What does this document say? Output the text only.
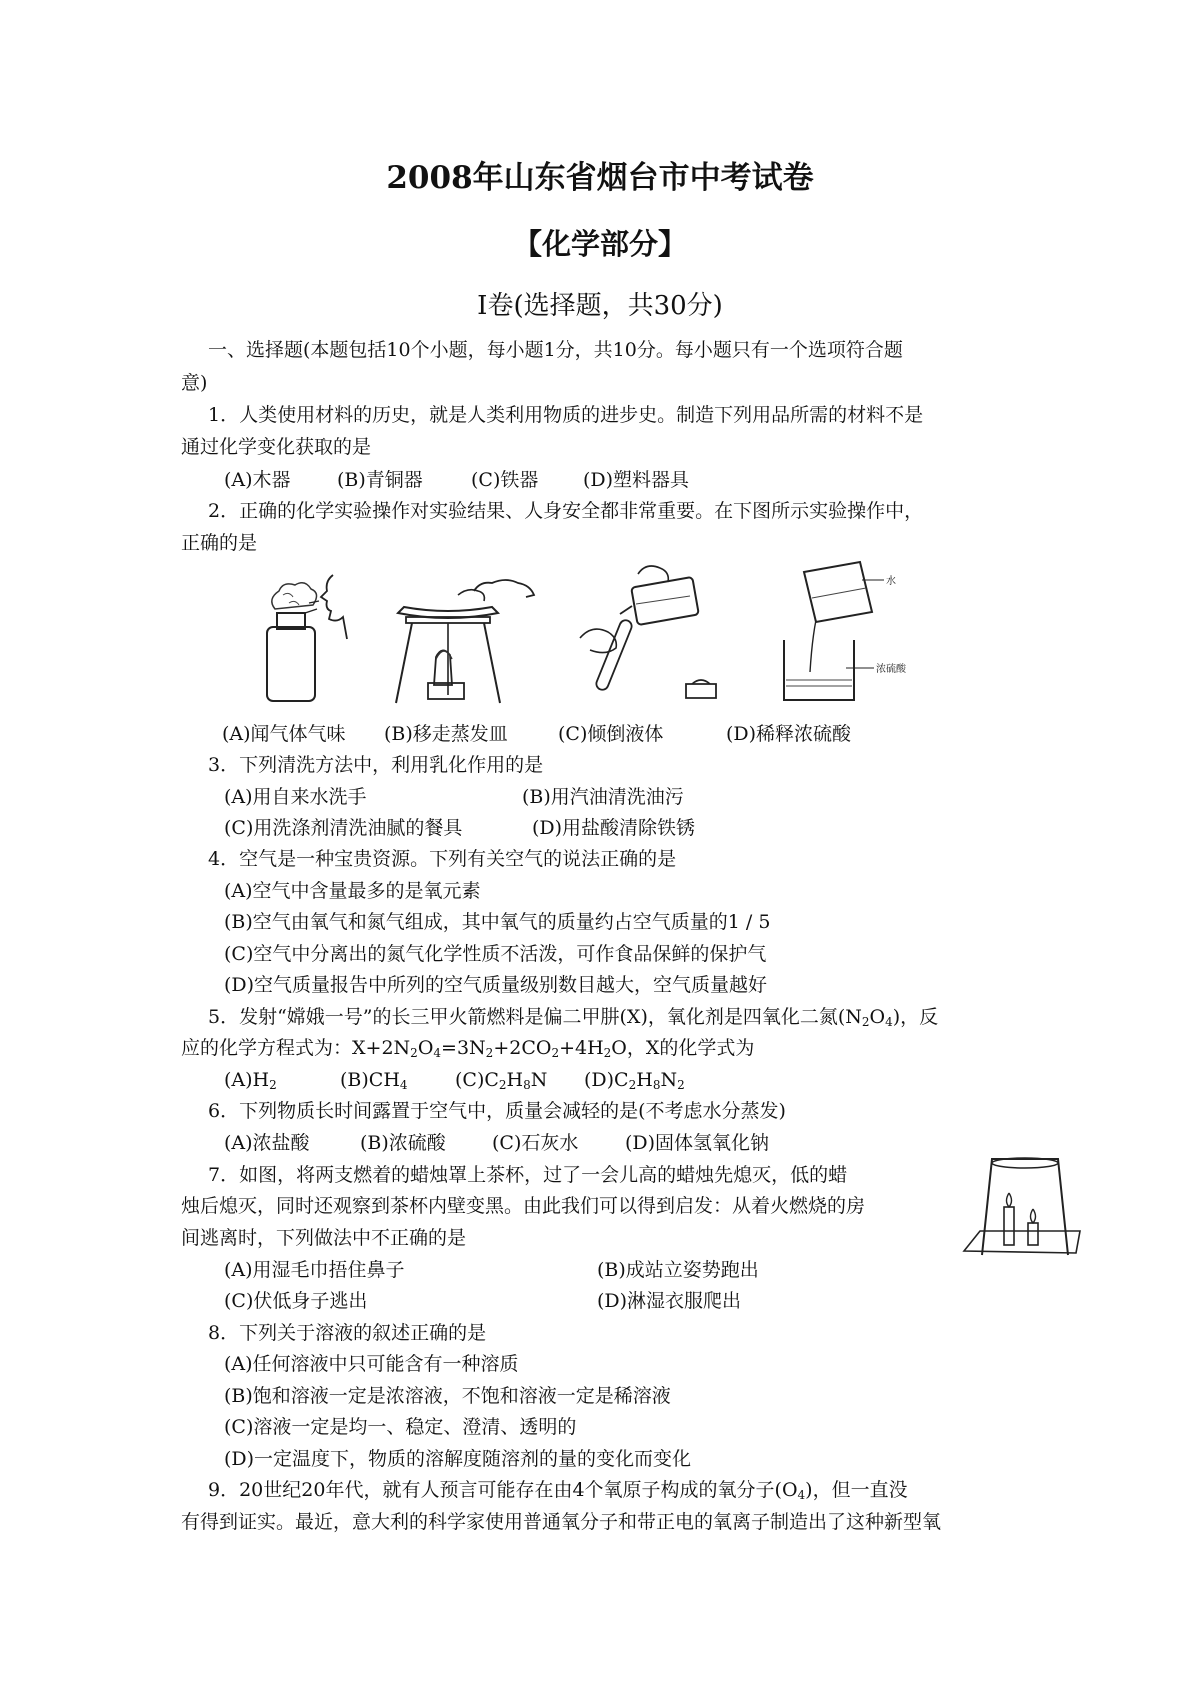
2008年山东省烟台市中考试卷
【化学部分】
Ⅰ卷(选择题，共30分)
一、选择题(本题包括10个小题，每小题1分，共10分。每小题只有一个选项符合题
意)
1．人类使用材料的历史，就是人类利用物质的进步史。制造下列用品所需的材料不是
通过化学变化获取的是
(A)木器 (B)青铜器	(C)铁器 (D)塑料器具
2．正确的化学实验操作对实验结果、人身安全都非常重要。在下图所示实验操作中，
正确的是
水
浓硫酸
(A)闻气体气味 (B)移走蒸发皿	(C)倾倒液体	(D)稀释浓硫酸
3．下列清洗方法中，利用乳化作用的是
(A)用自来水洗手	(B)用汽油清洗油污
(C)用洗涤剂清洗油腻的餐具	(D)用盐酸清除铁锈
4．空气是一种宝贵资源。下列有关空气的说法正确的是
(A)空气中含量最多的是氧元素
(B)空气由氧气和氮气组成，其中氧气的质量约占空气质量的1 / 5
(C)空气中分离出的氮气化学性质不活泼，可作食品保鲜的保护气
(D)空气质量报告中所列的空气质量级别数目越大，空气质量越好
5．发射“嫦娥一号”的长三甲火箭燃料是偏二甲肼(X)，氧化剂是四氧化二氮$(N_2O_4)$，反
应的化学方程式为：$X+2N_2O_4=3N_2+2CO_2+4H_2O$，X的化学式为
$(A)H_2$	$(B)CH_4$ $(C)C_2H_8N$ $(D)C_2H_8N_2$
6．下列物质长时间露置于空气中，质量会减轻的是(不考虑水分蒸发)
(A)浓盐酸	(B)浓硫酸 (C)石灰水 (D)固体氢氧化钠
7．如图，将两支燃着的蜡烛罩上茶杯，过了一会儿高的蜡烛先熄灭，低的蜡
烛后熄灭，同时还观察到茶杯内壁变黑。由此我们可以得到启发：从着火燃烧的房
间逃离时，下列做法中不正确的是
(A)用湿毛巾捂住鼻子	(B)成站立姿势跑出
(C)伏低身子逃出	(D)淋湿衣服爬出
8．下列关于溶液的叙述正确的是
(A)任何溶液中只可能含有一种溶质
(B)饱和溶液一定是浓溶液，不饱和溶液一定是稀溶液
(C)溶液一定是均一、稳定、澄清、透明的
(D)一定温度下，物质的溶解度随溶剂的量的变化而变化
9．20世纪20年代，就有人预言可能存在由4个氧原子构成的氧分子$(O_4)$，但一直没
有得到证实。最近，意大利的科学家使用普通氧分子和带正电的氧离子制造出了这种新型氧
